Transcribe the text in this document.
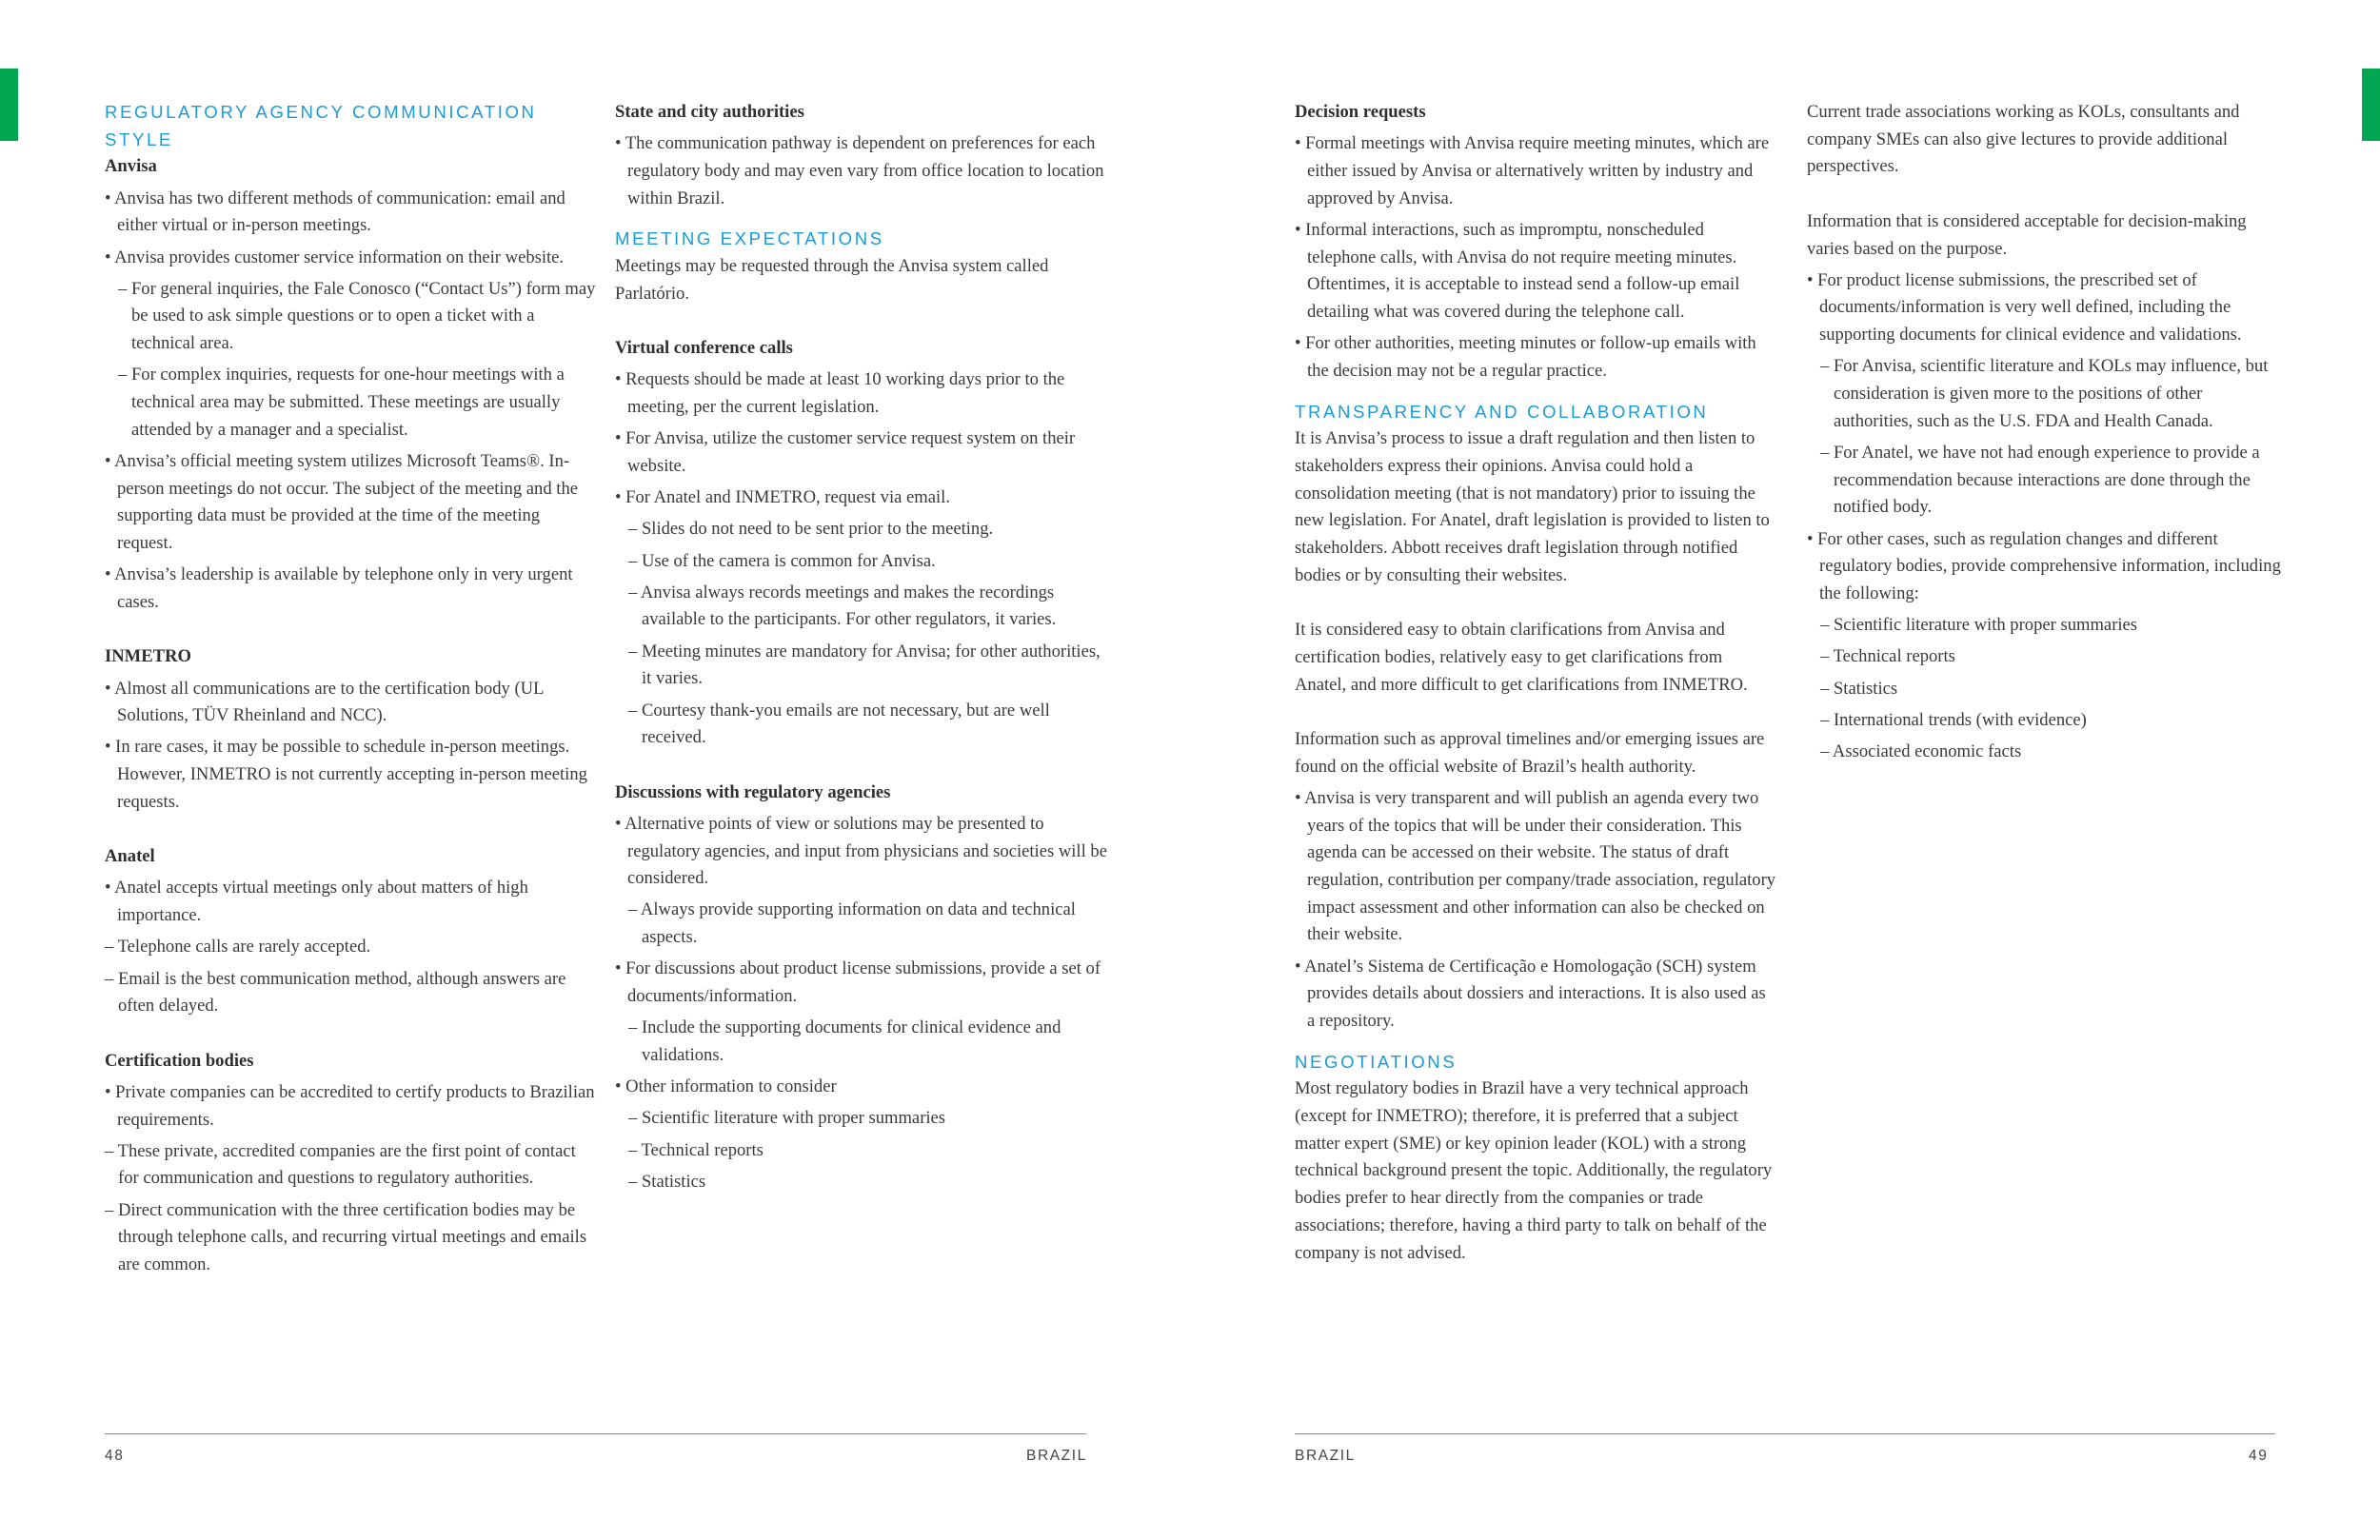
REGULATORY AGENCY COMMUNICATION STYLE
Anvisa
• Anvisa has two different methods of communication: email and either virtual or in-person meetings.
• Anvisa provides customer service information on their website.
– For general inquiries, the Fale Conosco (“Contact Us”) form may be used to ask simple questions or to open a ticket with a technical area.
– For complex inquiries, requests for one-hour meetings with a technical area may be submitted. These meetings are usually attended by a manager and a specialist.
• Anvisa’s official meeting system utilizes Microsoft Teams®. In-person meetings do not occur. The subject of the meeting and the supporting data must be provided at the time of the meeting request.
• Anvisa’s leadership is available by telephone only in very urgent cases.
INMETRO
• Almost all communications are to the certification body (UL Solutions, TÜV Rheinland and NCC).
• In rare cases, it may be possible to schedule in-person meetings. However, INMETRO is not currently accepting in-person meeting requests.
Anatel
• Anatel accepts virtual meetings only about matters of high importance.
– Telephone calls are rarely accepted.
– Email is the best communication method, although answers are often delayed.
Certification bodies
• Private companies can be accredited to certify products to Brazilian requirements.
– These private, accredited companies are the first point of contact for communication and questions to regulatory authorities.
– Direct communication with the three certification bodies may be through telephone calls, and recurring virtual meetings and emails are common.
State and city authorities
• The communication pathway is dependent on preferences for each regulatory body and may even vary from office location to location within Brazil.
MEETING EXPECTATIONS
Meetings may be requested through the Anvisa system called Parlatório.
Virtual conference calls
• Requests should be made at least 10 working days prior to the meeting, per the current legislation.
• For Anvisa, utilize the customer service request system on their website.
• For Anatel and INMETRO, request via email.
– Slides do not need to be sent prior to the meeting.
– Use of the camera is common for Anvisa.
– Anvisa always records meetings and makes the recordings available to the participants. For other regulators, it varies.
– Meeting minutes are mandatory for Anvisa; for other authorities, it varies.
– Courtesy thank-you emails are not necessary, but are well received.
Discussions with regulatory agencies
• Alternative points of view or solutions may be presented to regulatory agencies, and input from physicians and societies will be considered.
– Always provide supporting information on data and technical aspects.
• For discussions about product license submissions, provide a set of documents/information.
– Include the supporting documents for clinical evidence and validations.
• Other information to consider
– Scientific literature with proper summaries
– Technical reports
– Statistics
Decision requests
• Formal meetings with Anvisa require meeting minutes, which are either issued by Anvisa or alternatively written by industry and approved by Anvisa.
• Informal interactions, such as impromptu, nonscheduled telephone calls, with Anvisa do not require meeting minutes. Oftentimes, it is acceptable to instead send a follow-up email detailing what was covered during the telephone call.
• For other authorities, meeting minutes or follow-up emails with the decision may not be a regular practice.
TRANSPARENCY AND COLLABORATION
It is Anvisa’s process to issue a draft regulation and then listen to stakeholders express their opinions. Anvisa could hold a consolidation meeting (that is not mandatory) prior to issuing the new legislation. For Anatel, draft legislation is provided to listen to stakeholders. Abbott receives draft legislation through notified bodies or by consulting their websites.
It is considered easy to obtain clarifications from Anvisa and certification bodies, relatively easy to get clarifications from Anatel, and more difficult to get clarifications from INMETRO.
Information such as approval timelines and/or emerging issues are found on the official website of Brazil’s health authority.
• Anvisa is very transparent and will publish an agenda every two years of the topics that will be under their consideration. This agenda can be accessed on their website. The status of draft regulation, contribution per company/trade association, regulatory impact assessment and other information can also be checked on their website.
• Anatel’s Sistema de Certificação e Homologação (SCH) system provides details about dossiers and interactions. It is also used as a repository.
NEGOTIATIONS
Most regulatory bodies in Brazil have a very technical approach (except for INMETRO); therefore, it is preferred that a subject matter expert (SME) or key opinion leader (KOL) with a strong technical background present the topic. Additionally, the regulatory bodies prefer to hear directly from the companies or trade associations; therefore, having a third party to talk on behalf of the company is not advised.
Current trade associations working as KOLs, consultants and company SMEs can also give lectures to provide additional perspectives.
Information that is considered acceptable for decision-making varies based on the purpose.
• For product license submissions, the prescribed set of documents/information is very well defined, including the supporting documents for clinical evidence and validations.
– For Anvisa, scientific literature and KOLs may influence, but consideration is given more to the positions of other authorities, such as the U.S. FDA and Health Canada.
– For Anatel, we have not had enough experience to provide a recommendation because interactions are done through the notified body.
• For other cases, such as regulation changes and different regulatory bodies, provide comprehensive information, including the following:
– Scientific literature with proper summaries
– Technical reports
– Statistics
– International trends (with evidence)
– Associated economic facts
48	BRAZIL	BRAZIL	49
